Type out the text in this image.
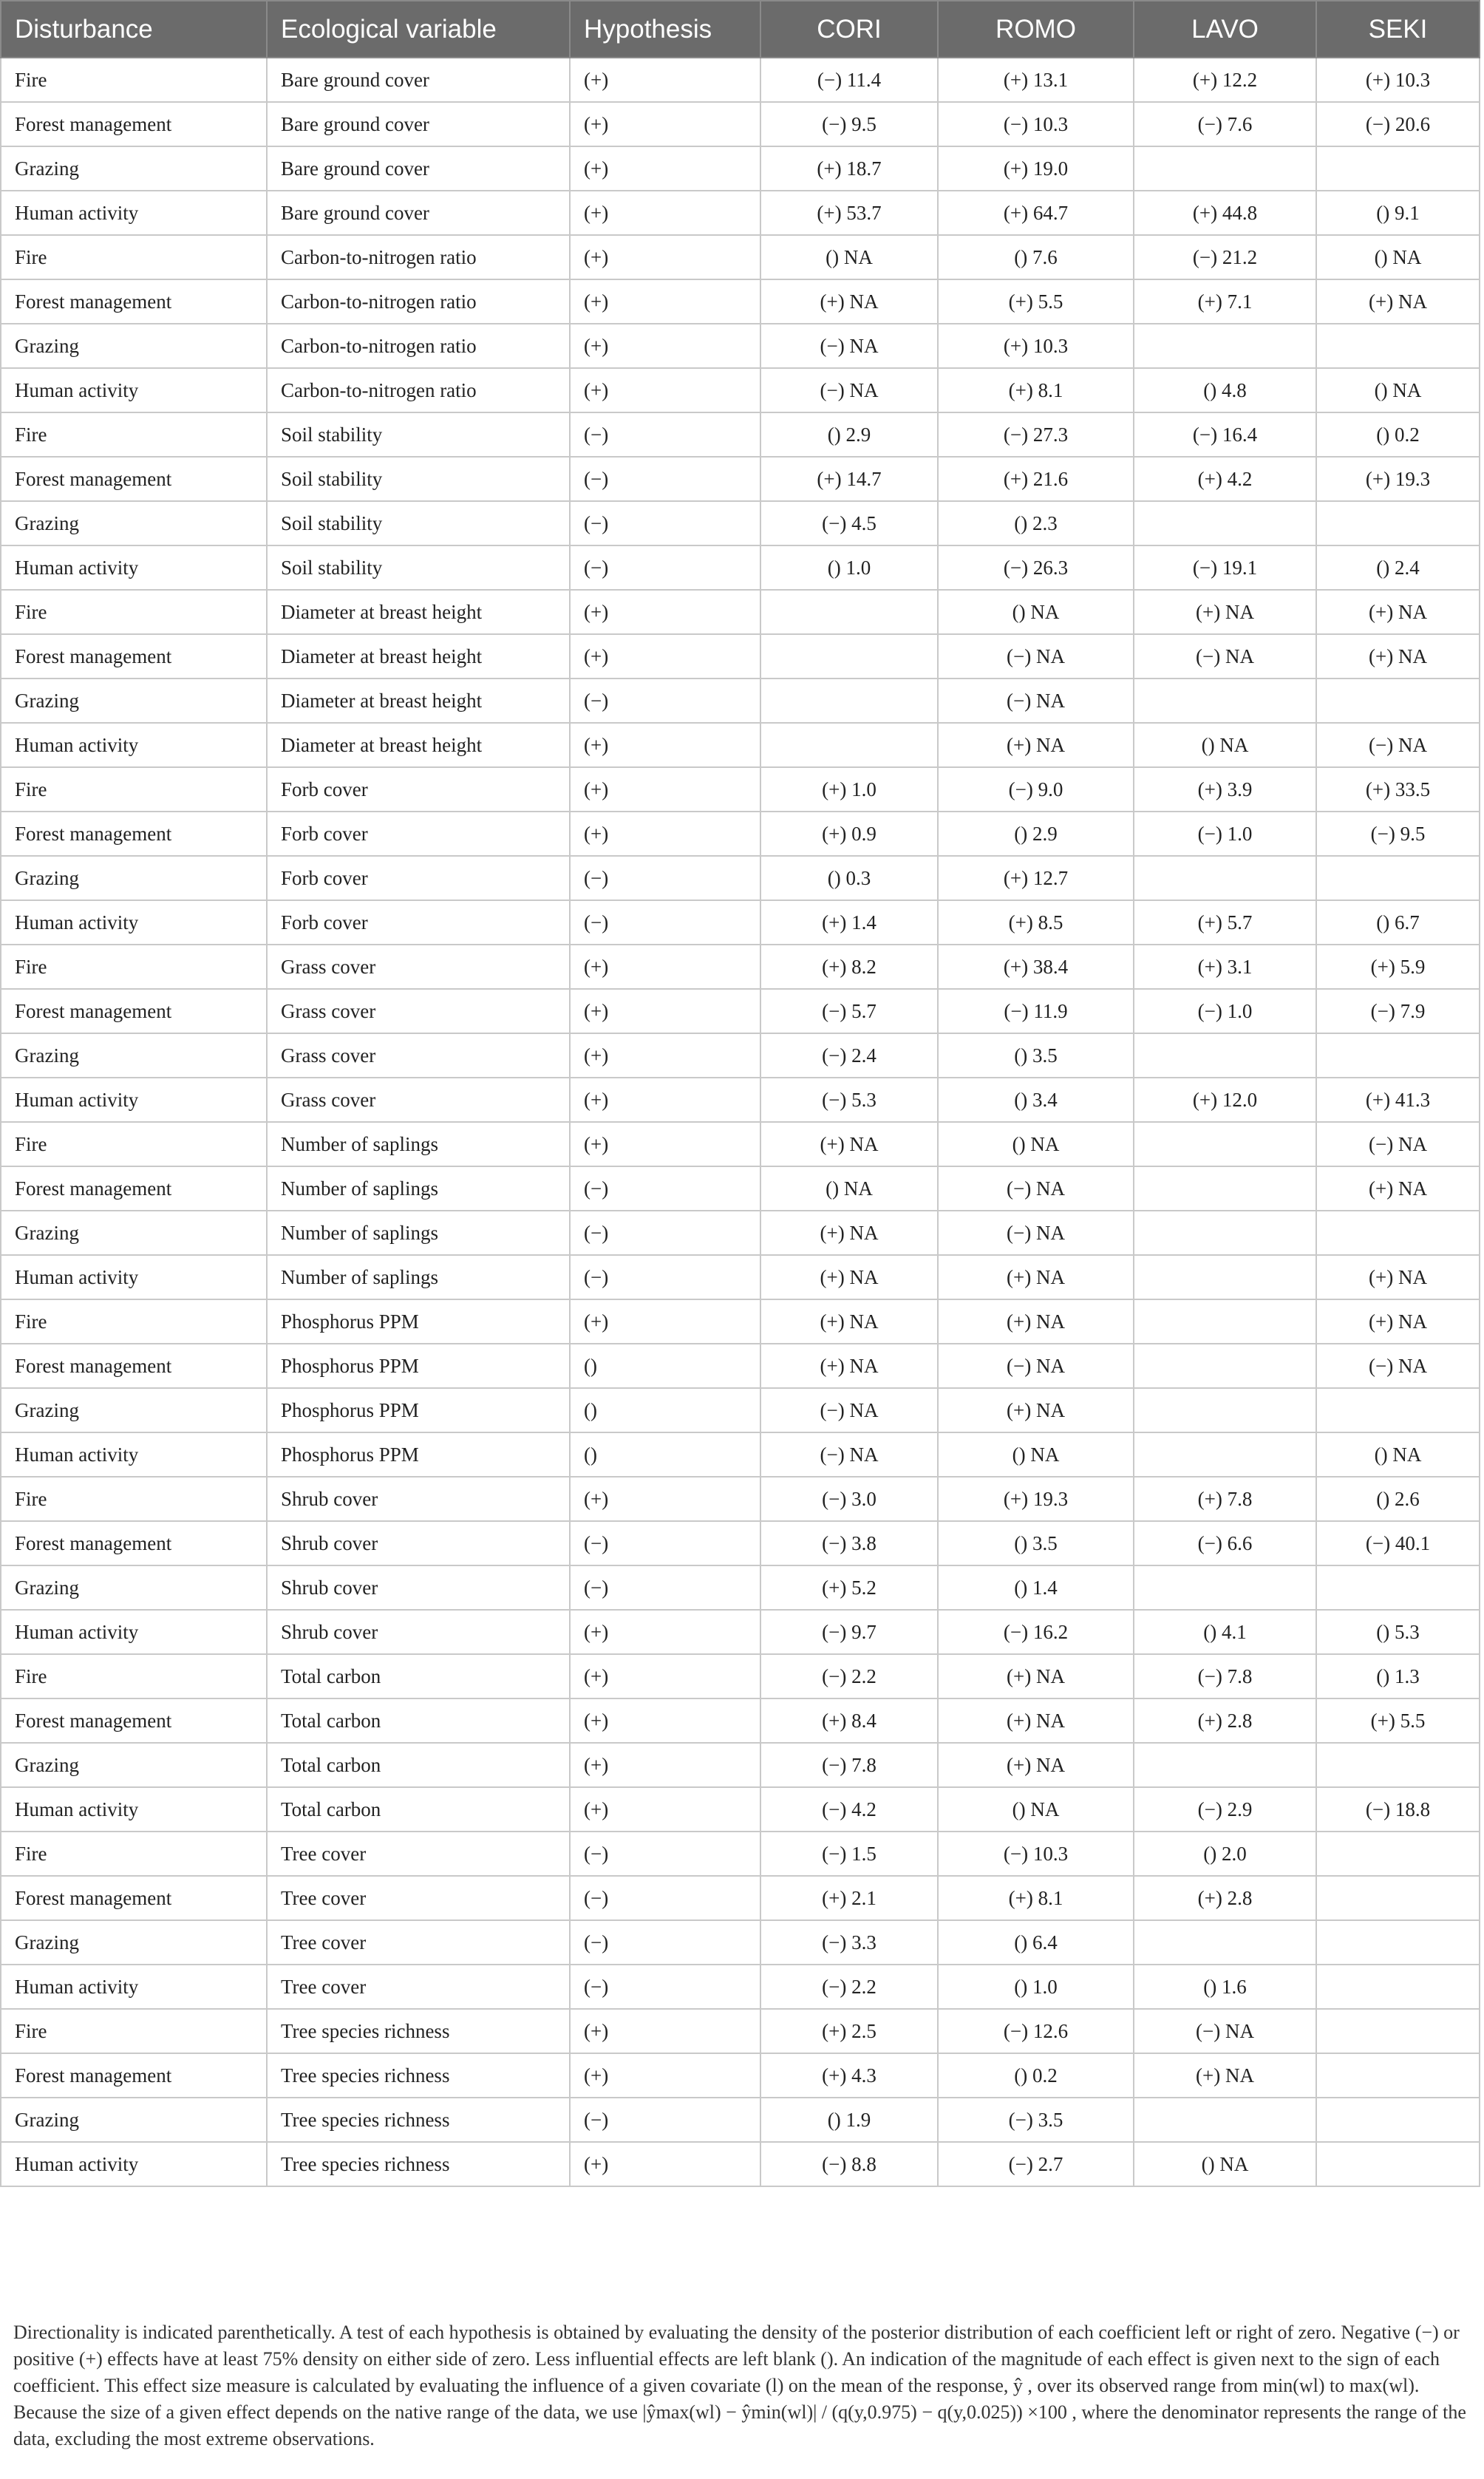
Disturbance	Ecological variable	Hypothesis	CORI	ROMO	LAVO	SEKI
Fire	Bare ground cover	(+)	(−) 11.4	(+) 13.1	(+) 12.2	(+) 10.3
Forest management	Bare ground cover	(+)	(−) 9.5	(−) 10.3	(−) 7.6	(−) 20.6
Grazing	Bare ground cover	(+)	(+) 18.7	(+) 19.0		
Human activity	Bare ground cover	(+)	(+) 53.7	(+) 64.7	(+) 44.8	() 9.1
Fire	Carbon-to-nitrogen ratio	(+)	() NA	() 7.6	(−) 21.2	() NA
Forest management	Carbon-to-nitrogen ratio	(+)	(+) NA	(+) 5.5	(+) 7.1	(+) NA
Grazing	Carbon-to-nitrogen ratio	(+)	(−) NA	(+) 10.3		
Human activity	Carbon-to-nitrogen ratio	(+)	(−) NA	(+) 8.1	() 4.8	() NA
Fire	Soil stability	(−)	() 2.9	(−) 27.3	(−) 16.4	() 0.2
Forest management	Soil stability	(−)	(+) 14.7	(+) 21.6	(+) 4.2	(+) 19.3
Grazing	Soil stability	(−)	(−) 4.5	() 2.3		
Human activity	Soil stability	(−)	() 1.0	(−) 26.3	(−) 19.1	() 2.4
Fire	Diameter at breast height	(+)		() NA	(+) NA	(+) NA
Forest management	Diameter at breast height	(+)		(−) NA	(−) NA	(+) NA
Grazing	Diameter at breast height	(−)		(−) NA		
Human activity	Diameter at breast height	(+)		(+) NA	() NA	(−) NA
Fire	Forb cover	(+)	(+) 1.0	(−) 9.0	(+) 3.9	(+) 33.5
Forest management	Forb cover	(+)	(+) 0.9	() 2.9	(−) 1.0	(−) 9.5
Grazing	Forb cover	(−)	() 0.3	(+) 12.7		
Human activity	Forb cover	(−)	(+) 1.4	(+) 8.5	(+) 5.7	() 6.7
Fire	Grass cover	(+)	(+) 8.2	(+) 38.4	(+) 3.1	(+) 5.9
Forest management	Grass cover	(+)	(−) 5.7	(−) 11.9	(−) 1.0	(−) 7.9
Grazing	Grass cover	(+)	(−) 2.4	() 3.5		
Human activity	Grass cover	(+)	(−) 5.3	() 3.4	(+) 12.0	(+) 41.3
Fire	Number of saplings	(+)	(+) NA	() NA		(−) NA
Forest management	Number of saplings	(−)	() NA	(−) NA		(+) NA
Grazing	Number of saplings	(−)	(+) NA	(−) NA		
Human activity	Number of saplings	(−)	(+) NA	(+) NA		(+) NA
Fire	Phosphorus PPM	(+)	(+) NA	(+) NA		(+) NA
Forest management	Phosphorus PPM	()	(+) NA	(−) NA		(−) NA
Grazing	Phosphorus PPM	()	(−) NA	(+) NA		
Human activity	Phosphorus PPM	()	(−) NA	() NA		() NA
Fire	Shrub cover	(+)	(−) 3.0	(+) 19.3	(+) 7.8	() 2.6
Forest management	Shrub cover	(−)	(−) 3.8	() 3.5	(−) 6.6	(−) 40.1
Grazing	Shrub cover	(−)	(+) 5.2	() 1.4		
Human activity	Shrub cover	(+)	(−) 9.7	(−) 16.2	() 4.1	() 5.3
Fire	Total carbon	(+)	(−) 2.2	(+) NA	(−) 7.8	() 1.3
Forest management	Total carbon	(+)	(+) 8.4	(+) NA	(+) 2.8	(+) 5.5
Grazing	Total carbon	(+)	(−) 7.8	(+) NA		
Human activity	Total carbon	(+)	(−) 4.2	() NA	(−) 2.9	(−) 18.8
Fire	Tree cover	(−)	(−) 1.5	(−) 10.3	() 2.0	
Forest management	Tree cover	(−)	(+) 2.1	(+) 8.1	(+) 2.8	
Grazing	Tree cover	(−)	(−) 3.3	() 6.4		
Human activity	Tree cover	(−)	(−) 2.2	() 1.0	() 1.6	
Fire	Tree species richness	(+)	(+) 2.5	(−) 12.6	(−) NA	
Forest management	Tree species richness	(+)	(+) 4.3	() 0.2	(+) NA	
Grazing	Tree species richness	(−)	() 1.9	(−) 3.5		
Human activity	Tree species richness	(+)	(−) 8.8	(−) 2.7	() NA	

Directionality is indicated parenthetically. A test of each hypothesis is obtained by evaluating the density of the posterior distribution of each coefficient left or right of zero. Negative (−) or positive (+) effects have at least 75% density on either side of zero. Less influential effects are left blank (). An indication of the magnitude of each effect is given next to the sign of each coefficient. This effect size measure is calculated by evaluating the influence of a given covariate (l) on the mean of the response, ŷ , over its observed range from min(wl) to max(wl). Because the size of a given effect depends on the native range of the data, we use |ŷmax(wl) − ŷmin(wl)| / (q(y,0.975) − q(y,0.025)) ×100 , where the denominator represents the range of the data, excluding the most extreme observations.
